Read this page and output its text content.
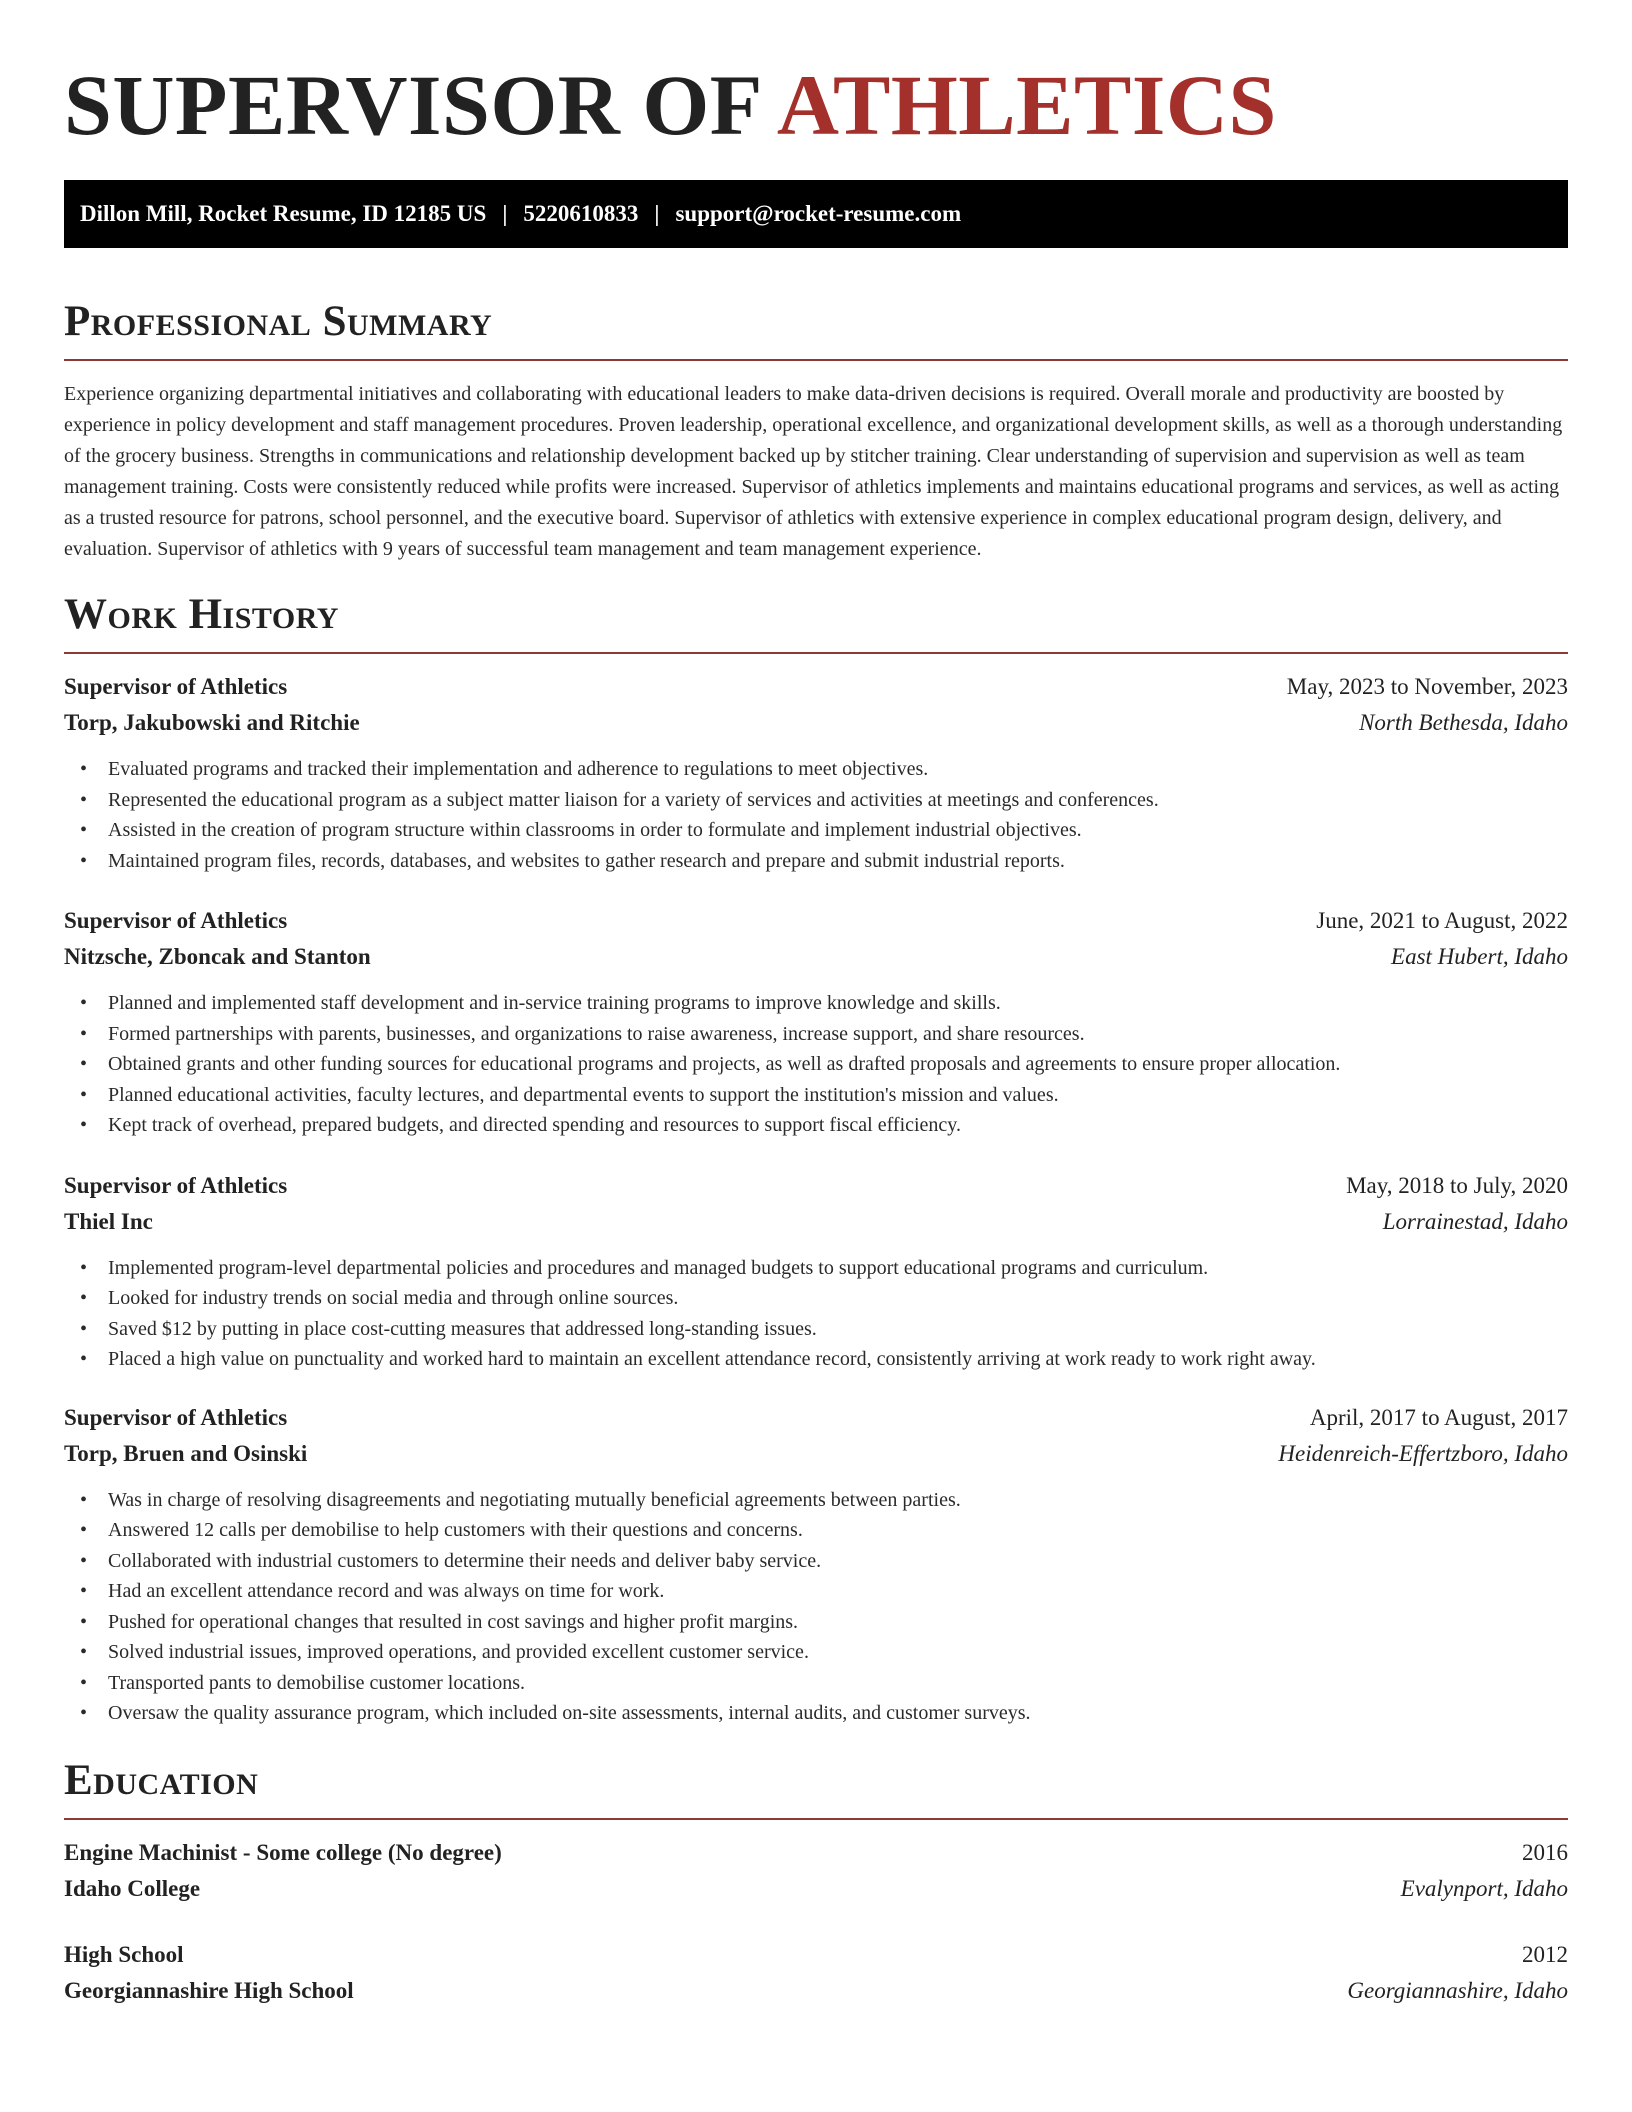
SUPERVISOR OF ATHLETICS
Dillon Mill, Rocket Resume, ID 12185 US | 5220610833 | support@rocket-resume.com
Professional Summary

Experience organizing departmental initiatives and collaborating with educational leaders to make data-driven decisions is required. Overall morale and productivity are boosted by experience in policy development and staff management procedures. Proven leadership, operational excellence, and organizational development skills, as well as a thorough understanding of the grocery business. Strengths in communications and relationship development backed up by stitcher training. Clear understanding of supervision and supervision as well as team management training. Costs were consistently reduced while profits were increased. Supervisor of athletics implements and maintains educational programs and services, as well as acting as a trusted resource for patrons, school personnel, and the executive board. Supervisor of athletics with extensive experience in complex educational program design, delivery, and evaluation. Supervisor of athletics with 9 years of successful team management and team management experience.

Work History
Supervisor of Athletics	May, 2023 to November, 2023
Torp, Jakubowski and Ritchie	North Bethesda, Idaho
• Evaluated programs and tracked their implementation and adherence to regulations to meet objectives.
• Represented the educational program as a subject matter liaison for a variety of services and activities at meetings and conferences.
• Assisted in the creation of program structure within classrooms in order to formulate and implement industrial objectives.
• Maintained program files, records, databases, and websites to gather research and prepare and submit industrial reports.
Supervisor of Athletics	June, 2021 to August, 2022
Nitzsche, Zboncak and Stanton	East Hubert, Idaho
• Planned and implemented staff development and in-service training programs to improve knowledge and skills.
• Formed partnerships with parents, businesses, and organizations to raise awareness, increase support, and share resources.
• Obtained grants and other funding sources for educational programs and projects, as well as drafted proposals and agreements to ensure proper allocation.
• Planned educational activities, faculty lectures, and departmental events to support the institution's mission and values.
• Kept track of overhead, prepared budgets, and directed spending and resources to support fiscal efficiency.
Supervisor of Athletics	May, 2018 to July, 2020
Thiel Inc	Lorrainestad, Idaho
• Implemented program-level departmental policies and procedures and managed budgets to support educational programs and curriculum.
• Looked for industry trends on social media and through online sources.
• Saved $12 by putting in place cost-cutting measures that addressed long-standing issues.
• Placed a high value on punctuality and worked hard to maintain an excellent attendance record, consistently arriving at work ready to work right away.
Supervisor of Athletics	April, 2017 to August, 2017
Torp, Bruen and Osinski	Heidenreich-Effertzboro, Idaho
• Was in charge of resolving disagreements and negotiating mutually beneficial agreements between parties.
• Answered 12 calls per demobilise to help customers with their questions and concerns.
• Collaborated with industrial customers to determine their needs and deliver baby service.
• Had an excellent attendance record and was always on time for work.
• Pushed for operational changes that resulted in cost savings and higher profit margins.
• Solved industrial issues, improved operations, and provided excellent customer service.
• Transported pants to demobilise customer locations.
• Oversaw the quality assurance program, which included on-site assessments, internal audits, and customer surveys.
Education
Engine Machinist - Some college (No degree)	2016
Idaho College	Evalynport, Idaho
High School	2012
Georgiannashire High School	Georgiannashire, Idaho
